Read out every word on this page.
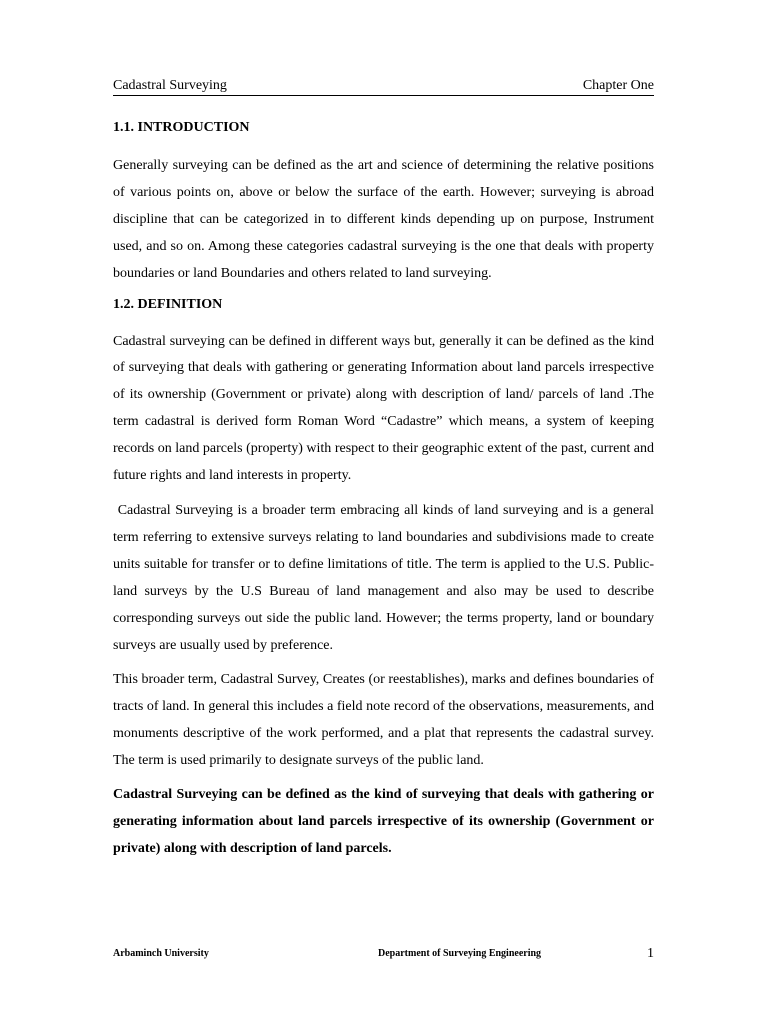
Cadastral Surveying	Chapter One
1.1. INTRODUCTION

Generally surveying can be defined as the art and science of determining the relative positions of various points on, above or below the surface of the earth. However; surveying is abroad discipline that can be categorized in to different kinds depending up on purpose, Instrument used, and so on. Among these categories cadastral surveying is the one that deals with property boundaries or land Boundaries and others related to land surveying.

1.2. DEFINITION

Cadastral surveying can be defined in different ways but, generally it can be defined as the kind of surveying that deals with gathering or generating Information about land parcels irrespective of its ownership (Government or private) along with description of land/ parcels of land .The term cadastral is derived form Roman Word “Cadastre” which means, a system of keeping records on land parcels (property) with respect to their geographic extent of the past, current and future rights and land interests in property.

Cadastral Surveying is a broader term embracing all kinds of land surveying and is a general term referring to extensive surveys relating to land boundaries and subdivisions made to create units suitable for transfer or to define limitations of title. The term is applied to the U.S. Public- land surveys by the U.S Bureau of land management and also may be used to describe corresponding surveys out side the public land. However; the terms property, land or boundary surveys are usually used by preference.

This broader term, Cadastral Survey, Creates (or reestablishes), marks and defines boundaries of tracts of land. In general this includes a field note record of the observations, measurements, and monuments descriptive of the work performed, and a plat that represents the cadastral survey. The term is used primarily to designate surveys of the public land.

Cadastral Surveying can be defined as the kind of surveying that deals with gathering or generating information about land parcels irrespective of its ownership (Government or private) along with description of land parcels.

Arbaminch University	Department of Surveying Engineering	1
